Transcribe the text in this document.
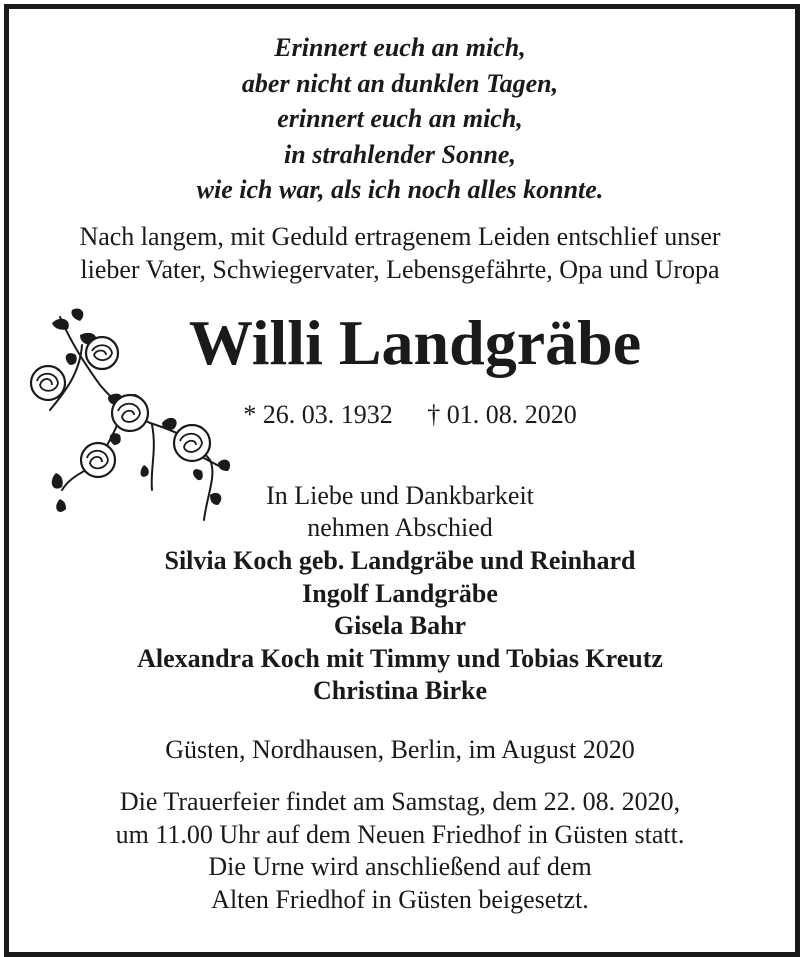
Erinnert euch an mich,
aber nicht an dunklen Tagen,
erinnert euch an mich,
in strahlender Sonne,
wie ich war, als ich noch alles konnte.
Nach langem, mit Geduld ertragenem Leiden entschlief unser
lieber Vater, Schwiegervater, Lebensgefährte, Opa und Uropa
Willi Landgräbe
* 26. 03. 1932 † 01. 08. 2020
In Liebe und Dankbarkeit
nehmen Abschied
Silvia Koch geb. Landgräbe und Reinhard
Ingolf Landgräbe
Gisela Bahr
Alexandra Koch mit Timmy und Tobias Kreutz
Christina Birke
Güsten, Nordhausen, Berlin, im August 2020
Die Trauerfeier findet am Samstag, dem 22. 08. 2020,
um 11.00 Uhr auf dem Neuen Friedhof in Güsten statt.
Die Urne wird anschließend auf dem
Alten Friedhof in Güsten beigesetzt.
